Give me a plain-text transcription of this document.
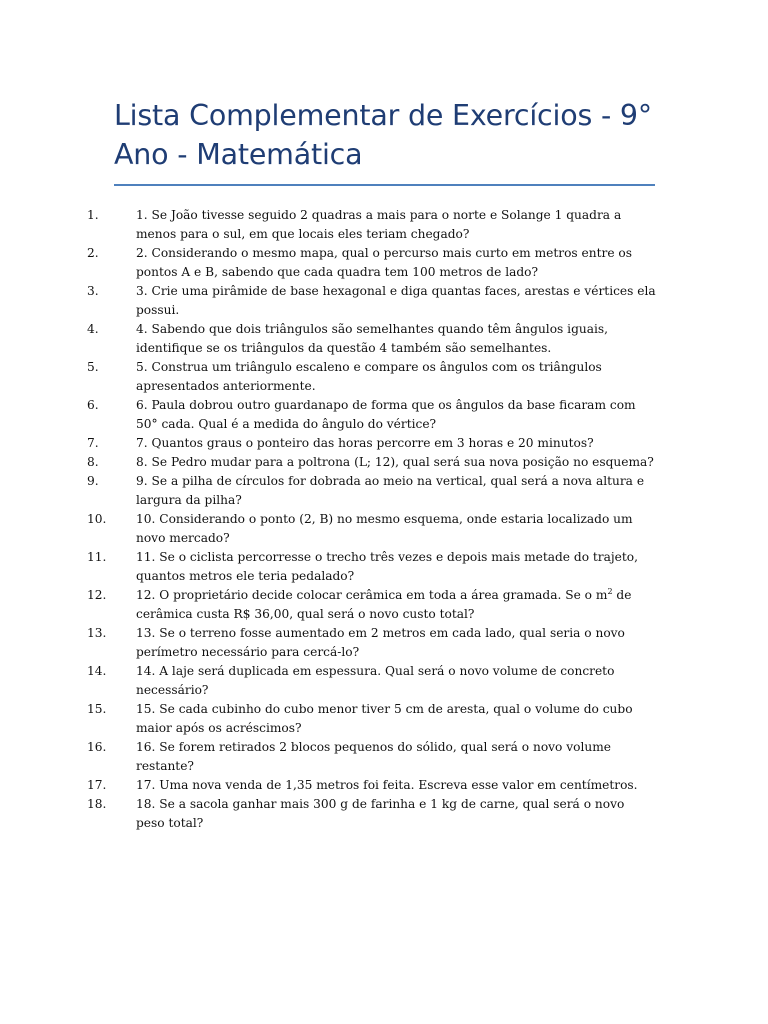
Lista Complementar de Exercícios - 9° Ano - Matemática
1.	1. Se João tivesse seguido 2 quadras a mais para o norte e Solange 1 quadra a menos para o sul, em que locais eles teriam chegado?
2.	2. Considerando o mesmo mapa, qual o percurso mais curto em metros entre os pontos A e B, sabendo que cada quadra tem 100 metros de lado?
3.	3. Crie uma pirâmide de base hexagonal e diga quantas faces, arestas e vértices ela possui.
4.	4. Sabendo que dois triângulos são semelhantes quando têm ângulos iguais, identifique se os triângulos da questão 4 também são semelhantes.
5.	5. Construa um triângulo escaleno e compare os ângulos com os triângulos apresentados anteriormente.
6.	6. Paula dobrou outro guardanapo de forma que os ângulos da base ficaram com 50° cada. Qual é a medida do ângulo do vértice?
7.	7. Quantos graus o ponteiro das horas percorre em 3 horas e 20 minutos?
8.	8. Se Pedro mudar para a poltrona (L; 12), qual será sua nova posição no esquema?
9.	9. Se a pilha de círculos for dobrada ao meio na vertical, qual será a nova altura e largura da pilha?
10.	10. Considerando o ponto (2, B) no mesmo esquema, onde estaria localizado um novo mercado?
11.	11. Se o ciclista percorresse o trecho três vezes e depois mais metade do trajeto, quantos metros ele teria pedalado?
12.	12. O proprietário decide colocar cerâmica em toda a área gramada. Se o $m^2$ de cerâmica custa R$ 36,00, qual será o novo custo total?
13.	13. Se o terreno fosse aumentado em 2 metros em cada lado, qual seria o novo perímetro necessário para cercá-lo?
14.	14. A laje será duplicada em espessura. Qual será o novo volume de concreto necessário?
15.	15. Se cada cubinho do cubo menor tiver 5 cm de aresta, qual o volume do cubo maior após os acréscimos?
16.	16. Se forem retirados 2 blocos pequenos do sólido, qual será o novo volume restante?
17.	17. Uma nova venda de 1,35 metros foi feita. Escreva esse valor em centímetros.
18.	18. Se a sacola ganhar mais 300 g de farinha e 1 kg de carne, qual será o novo peso total?
